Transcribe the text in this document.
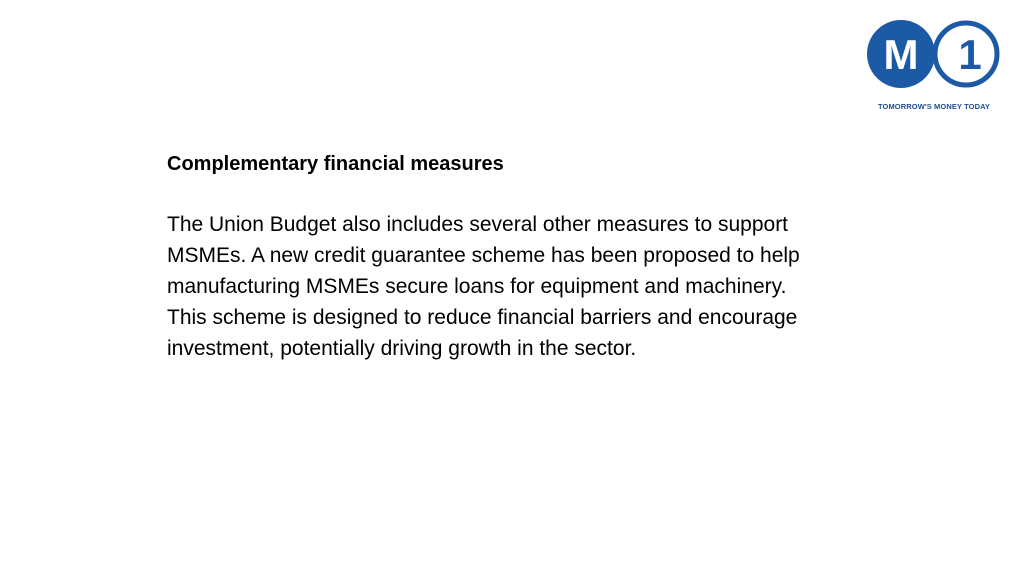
M 1
TOMORROW'S MONEY TODAY

Complementary financial measures

The Union Budget also includes several other measures to support MSMEs. A new credit guarantee scheme has been proposed to help manufacturing MSMEs secure loans for equipment and machinery. This scheme is designed to reduce financial barriers and encourage investment, potentially driving growth in the sector.
